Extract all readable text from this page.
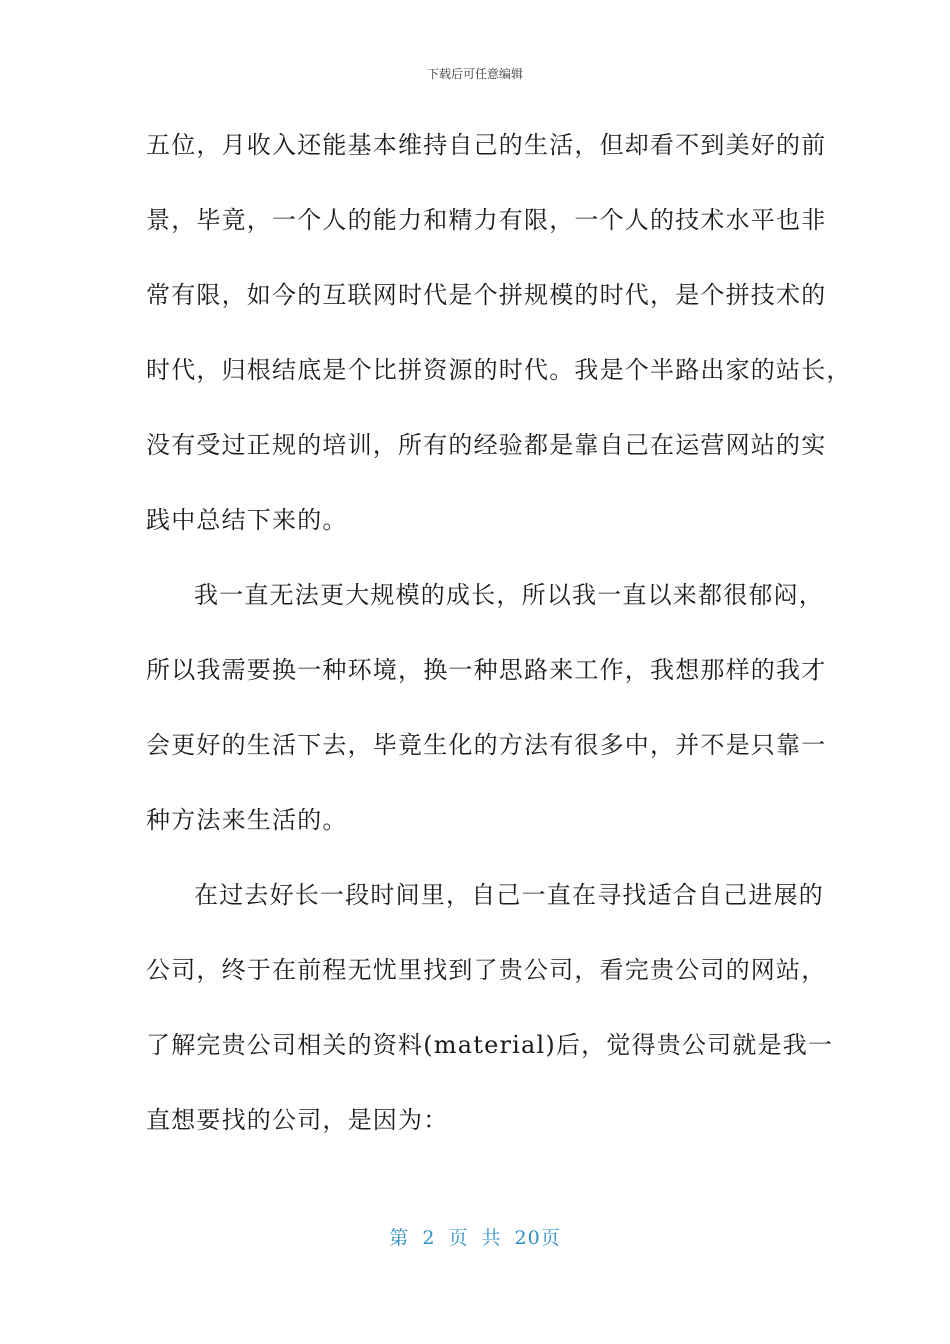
下载后可任意编辑
五位，月收入还能基本维持自己的生活，但却看不到美好的前
景，毕竟，一个人的能力和精力有限，一个人的技术水平也非
常有限，如今的互联网时代是个拼规模的时代，是个拼技术的
时代，归根结底是个比拼资源的时代。我是个半路出家的站长，
没有受过正规的培训，所有的经验都是靠自己在运营网站的实
践中总结下来的。
我一直无法更大规模的成长，所以我一直以来都很郁闷，
所以我需要换一种环境，换一种思路来工作，我想那样的我才
会更好的生活下去，毕竟生化的方法有很多中，并不是只靠一
种方法来生活的。
在过去好长一段时间里，自己一直在寻找适合自己进展的
公司，终于在前程无忧里找到了贵公司，看完贵公司的网站，
了解完贵公司相关的资料(material)后，觉得贵公司就是我一
直想要找的公司，是因为：
第 2 页 共 20页
